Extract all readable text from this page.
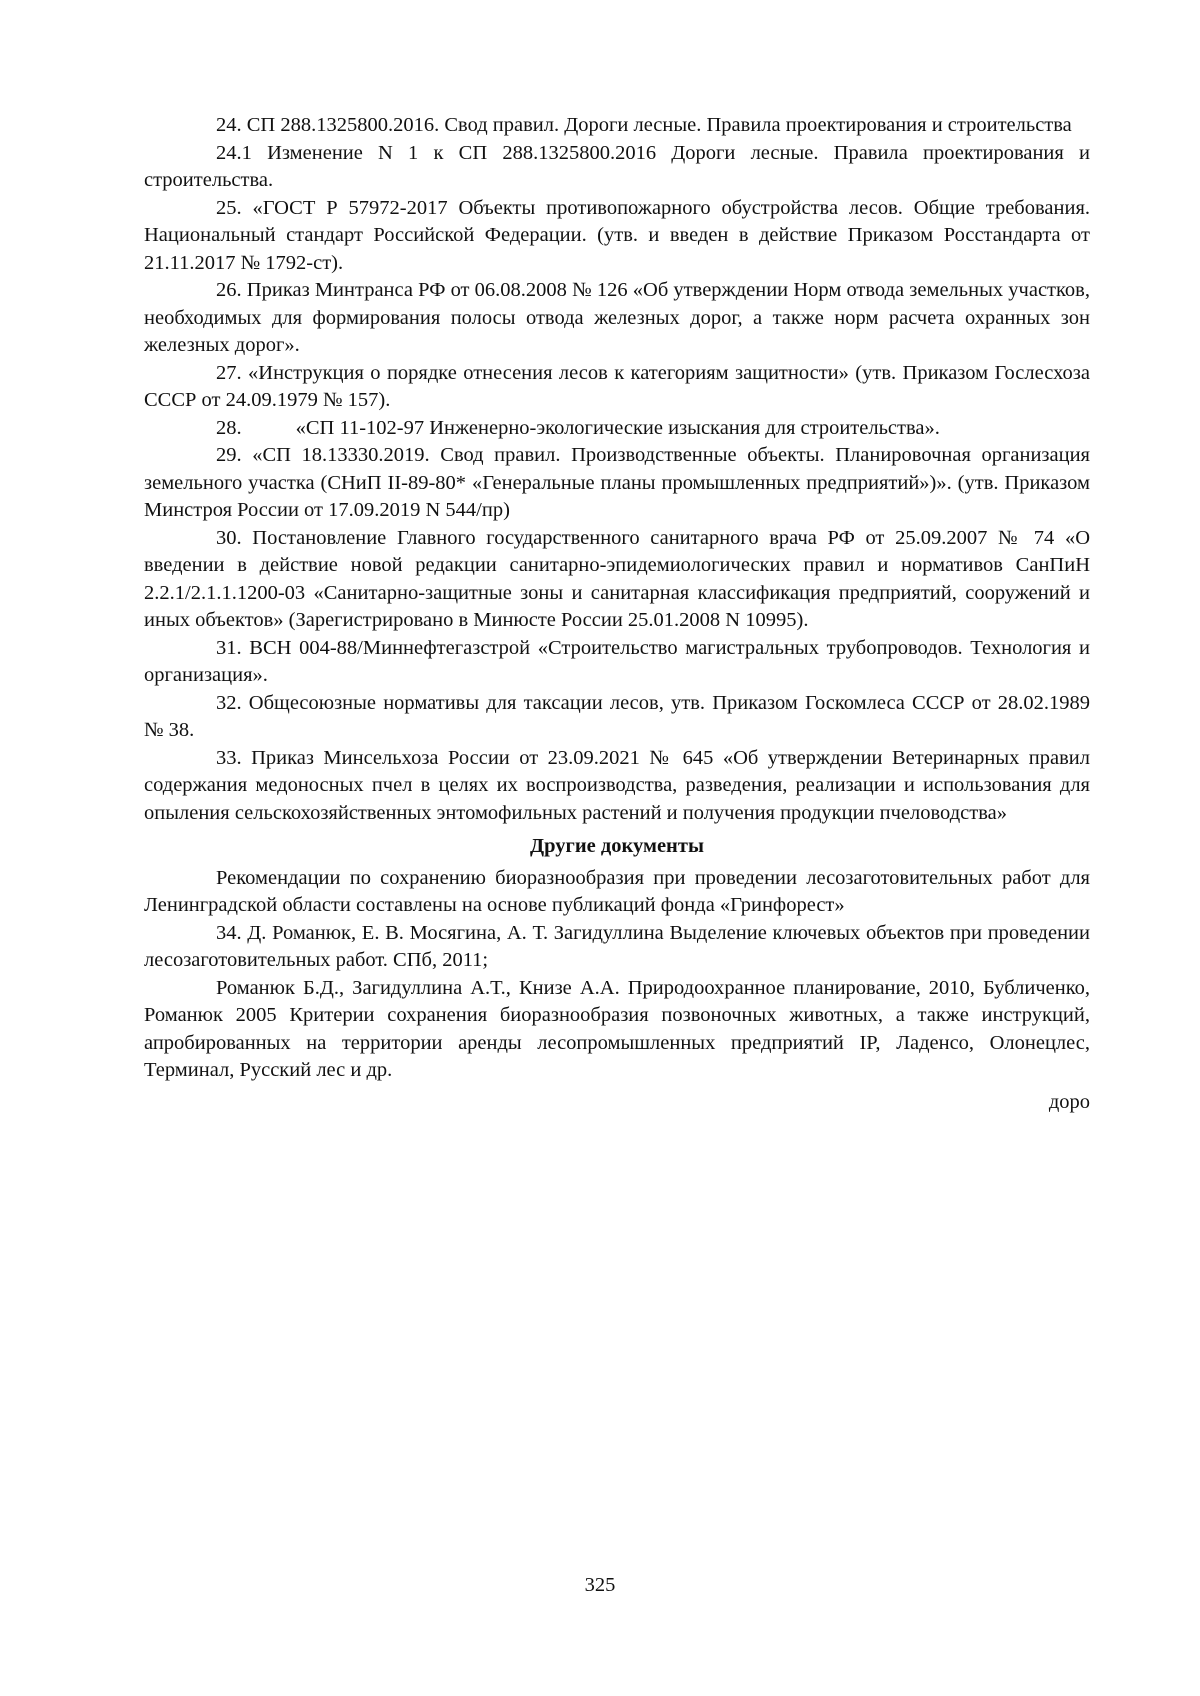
24. СП 288.1325800.2016. Свод правил. Дороги лесные. Правила проектирования и строительства

24.1 Изменение N 1 к СП 288.1325800.2016 Дороги лесные. Правила проектирования и строительства.

25. «ГОСТ Р 57972-2017 Объекты противопожарного обустройства лесов. Общие требования. Национальный стандарт Российской Федерации. (утв. и введен в действие Приказом Росстандарта от 21.11.2017 № 1792-ст).

26. Приказ Минтранса РФ от 06.08.2008 № 126 «Об утверждении Норм отвода земельных участков, необходимых для формирования полосы отвода железных дорог, а также норм расчета охранных зон железных дорог».

27. «Инструкция о порядке отнесения лесов к категориям защитности» (утв. Приказом Гослесхоза СССР от 24.09.1979 № 157).

28.	«СП 11-102-97 Инженерно-экологические изыскания для строительства».

29. «СП 18.13330.2019. Свод правил. Производственные объекты. Планировочная организация земельного участка (СНиП II-89-80* «Генеральные планы промышленных предприятий»)». (утв. Приказом Минстроя России от 17.09.2019 N 544/пр)

30. Постановление Главного государственного санитарного врача РФ от 25.09.2007 № 74 «О введении в действие новой редакции санитарно-эпидемиологических правил и нормативов СанПиН 2.2.1/2.1.1.1200-03 «Санитарно-защитные зоны и санитарная классификация предприятий, сооружений и иных объектов» (Зарегистрировано в Минюсте России 25.01.2008 N 10995).

31. ВСН 004-88/Миннефтегазстрой «Строительство магистральных трубопроводов. Технология и организация».

32. Общесоюзные нормативы для таксации лесов, утв. Приказом Госкомлеса СССР от 28.02.1989 № 38.

33. Приказ Минсельхоза России от 23.09.2021 № 645 «Об утверждении Ветеринарных правил содержания медоносных пчел в целях их воспроизводства, разведения, реализации и использования для опыления сельскохозяйственных энтомофильных растений и получения продукции пчеловодства»

Другие документы

Рекомендации по сохранению биоразнообразия при проведении лесозаготовительных работ для Ленинградской области составлены на основе публикаций фонда «Гринфорест»

34. Д. Романюк, Е. В. Мосягина, А. Т. Загидуллина Выделение ключевых объектов при проведении лесозаготовительных работ. СПб, 2011;

Романюк Б.Д., Загидуллина А.Т., Книзе А.А. Природоохранное планирование, 2010, Бубличенко, Романюк 2005 Критерии сохранения биоразнообразия позвоночных животных, а также инструкций, апробированных на территории аренды лесопромышленных предприятий IP, Ладенсо, Олонецлес, Терминал, Русский лес и др.

доро

325
